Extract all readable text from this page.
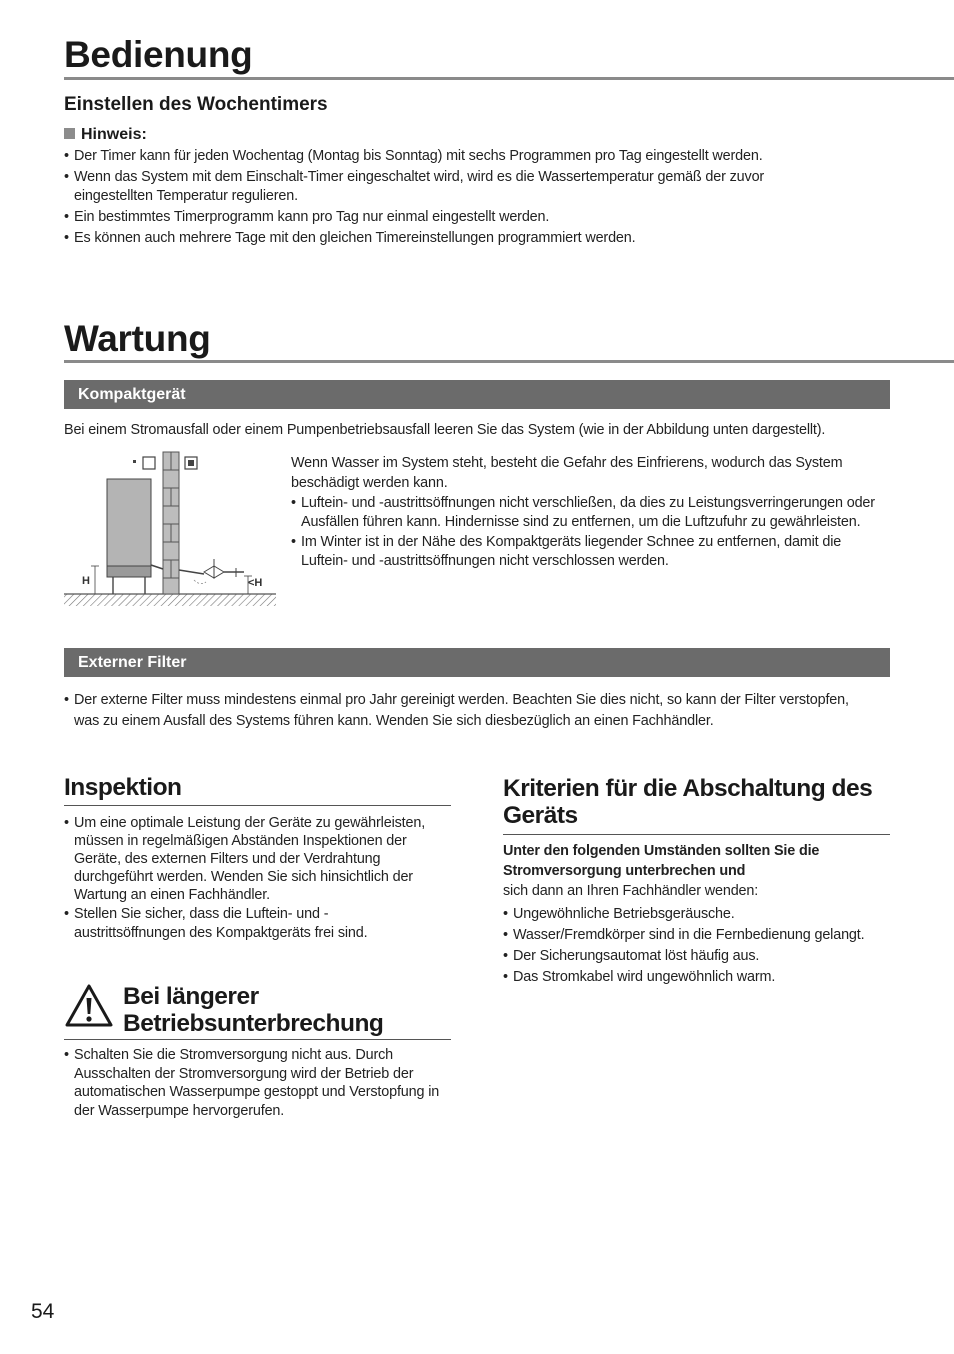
Bedienung
Einstellen des Wochentimers
Hinweis:
• Der Timer kann für jeden Wochentag (Montag bis Sonntag) mit sechs Programmen pro Tag eingestellt werden.
• Wenn das System mit dem Einschalt-Timer eingeschaltet wird, wird es die Wassertemperatur gemäß der zuvor eingestellten Temperatur regulieren.
• Ein bestimmtes Timerprogramm kann pro Tag nur einmal eingestellt werden.
• Es können auch mehrere Tage mit den gleichen Timereinstellungen programmiert werden.
Wartung
Kompaktgerät
Bei einem Stromausfall oder einem Pumpenbetriebsausfall leeren Sie das System (wie in der Abbildung unten dargestellt).
H	<H
Wenn Wasser im System steht, besteht die Gefahr des Einfrierens, wodurch das System beschädigt werden kann.
• Luftein- und -austrittsöffnungen nicht verschließen, da dies zu Leistungsverringerungen oder Ausfällen führen kann. Hindernisse sind zu entfernen, um die Luftzufuhr zu gewährleisten.
• Im Winter ist in der Nähe des Kompaktgeräts liegender Schnee zu entfernen, damit die Luftein- und -austrittsöffnungen nicht verschlossen werden.
Externer Filter
• Der externe Filter muss mindestens einmal pro Jahr gereinigt werden. Beachten Sie dies nicht, so kann der Filter verstopfen, was zu einem Ausfall des Systems führen kann. Wenden Sie sich diesbezüglich an einen Fachhändler.
Inspektion
• Um eine optimale Leistung der Geräte zu gewährleisten, müssen in regelmäßigen Abständen Inspektionen der Geräte, des externen Filters und der Verdrahtung durchgeführt werden. Wenden Sie sich hinsichtlich der Wartung an einen Fachhändler.
• Stellen Sie sicher, dass die Luftein- und -austrittsöffnungen des Kompaktgeräts frei sind.
Bei längerer
Betriebsunterbrechung
• Schalten Sie die Stromversorgung nicht aus. Durch Ausschalten der Stromversorgung wird der Betrieb der automatischen Wasserpumpe gestoppt und Verstopfung in der Wasserpumpe hervorgerufen.
Kriterien für die Abschaltung des
Geräts
Unter den folgenden Umständen sollten Sie die
Stromversorgung unterbrechen und
sich dann an Ihren Fachhändler wenden:
• Ungewöhnliche Betriebsgeräusche.
• Wasser/Fremdkörper sind in die Fernbedienung gelangt.
• Der Sicherungsautomat löst häufig aus.
• Das Stromkabel wird ungewöhnlich warm.
54
